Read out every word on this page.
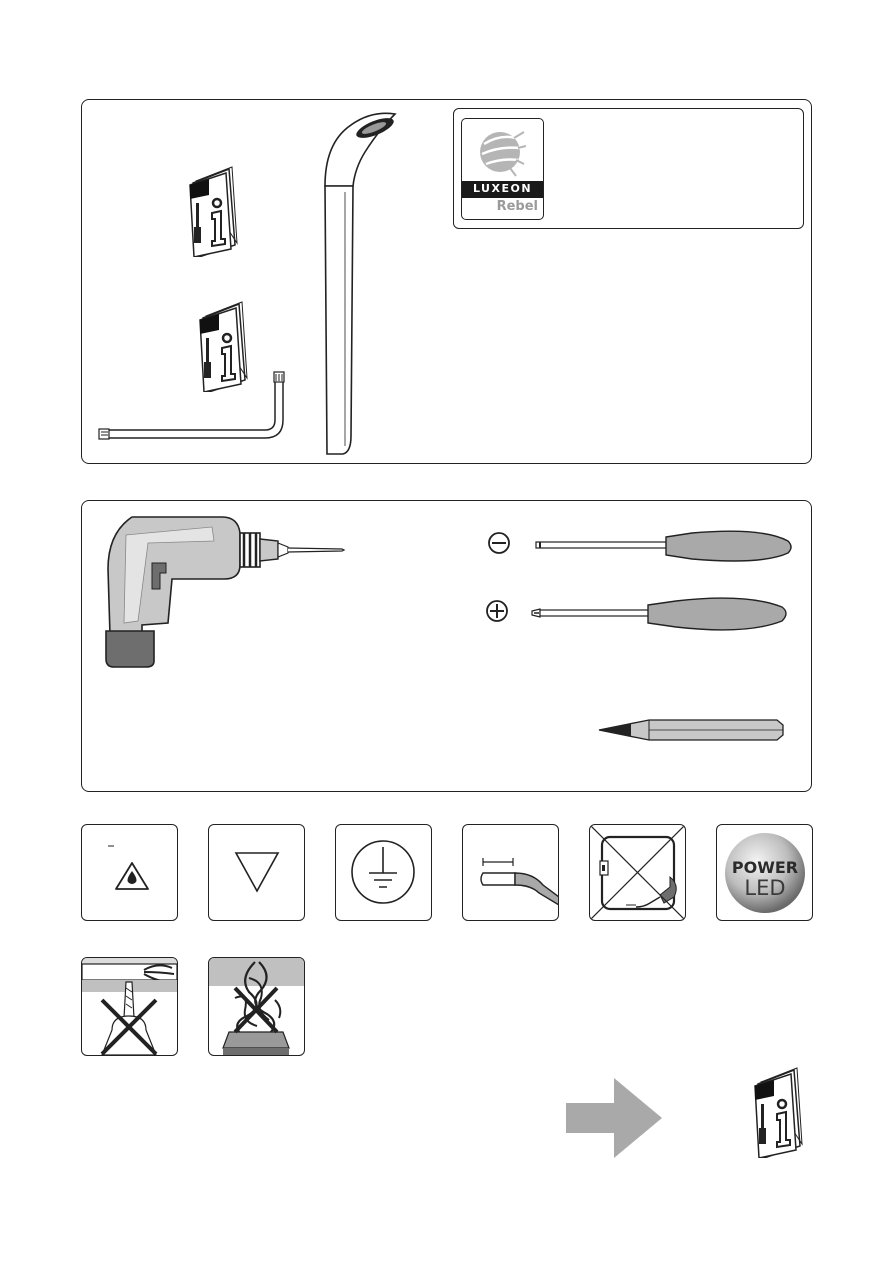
LUXEON
Rebel
POWER
LED
